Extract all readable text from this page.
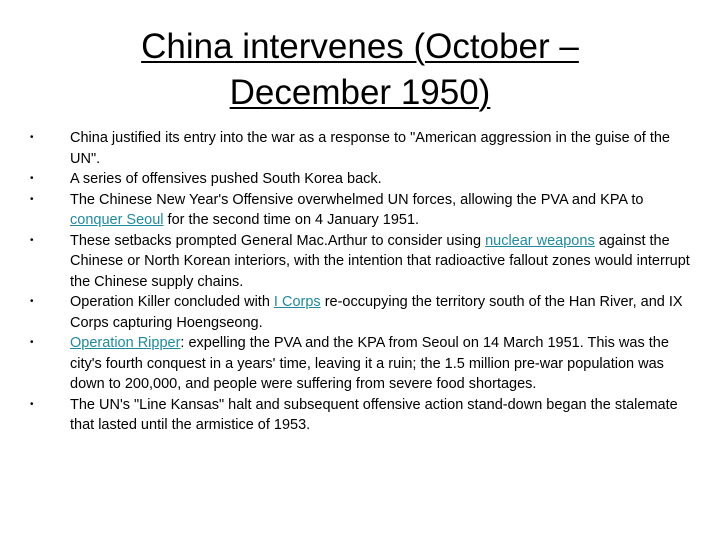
China intervenes (October –
December 1950)
•	China justified its entry into the war as a response to "American aggression in the guise of the UN".
•	A series of offensives pushed South Korea back.
•	The Chinese New Year's Offensive overwhelmed UN forces, allowing the PVA and KPA to conquer Seoul for the second time on 4 January 1951.
•	These setbacks prompted General Mac.Arthur to consider using nuclear weapons against the Chinese or North Korean interiors, with the intention that radioactive fallout zones would interrupt the Chinese supply chains.
•	Operation Killer concluded with I Corps re-occupying the territory south of the Han River, and IX Corps capturing Hoengseong.
•	Operation Ripper: expelling the PVA and the KPA from Seoul on 14 March 1951. This was the city's fourth conquest in a years' time, leaving it a ruin; the 1.5 million pre-war population was down to 200,000, and people were suffering from severe food shortages.
•	The UN's "Line Kansas" halt and subsequent offensive action stand-down began the stalemate that lasted until the armistice of 1953.
